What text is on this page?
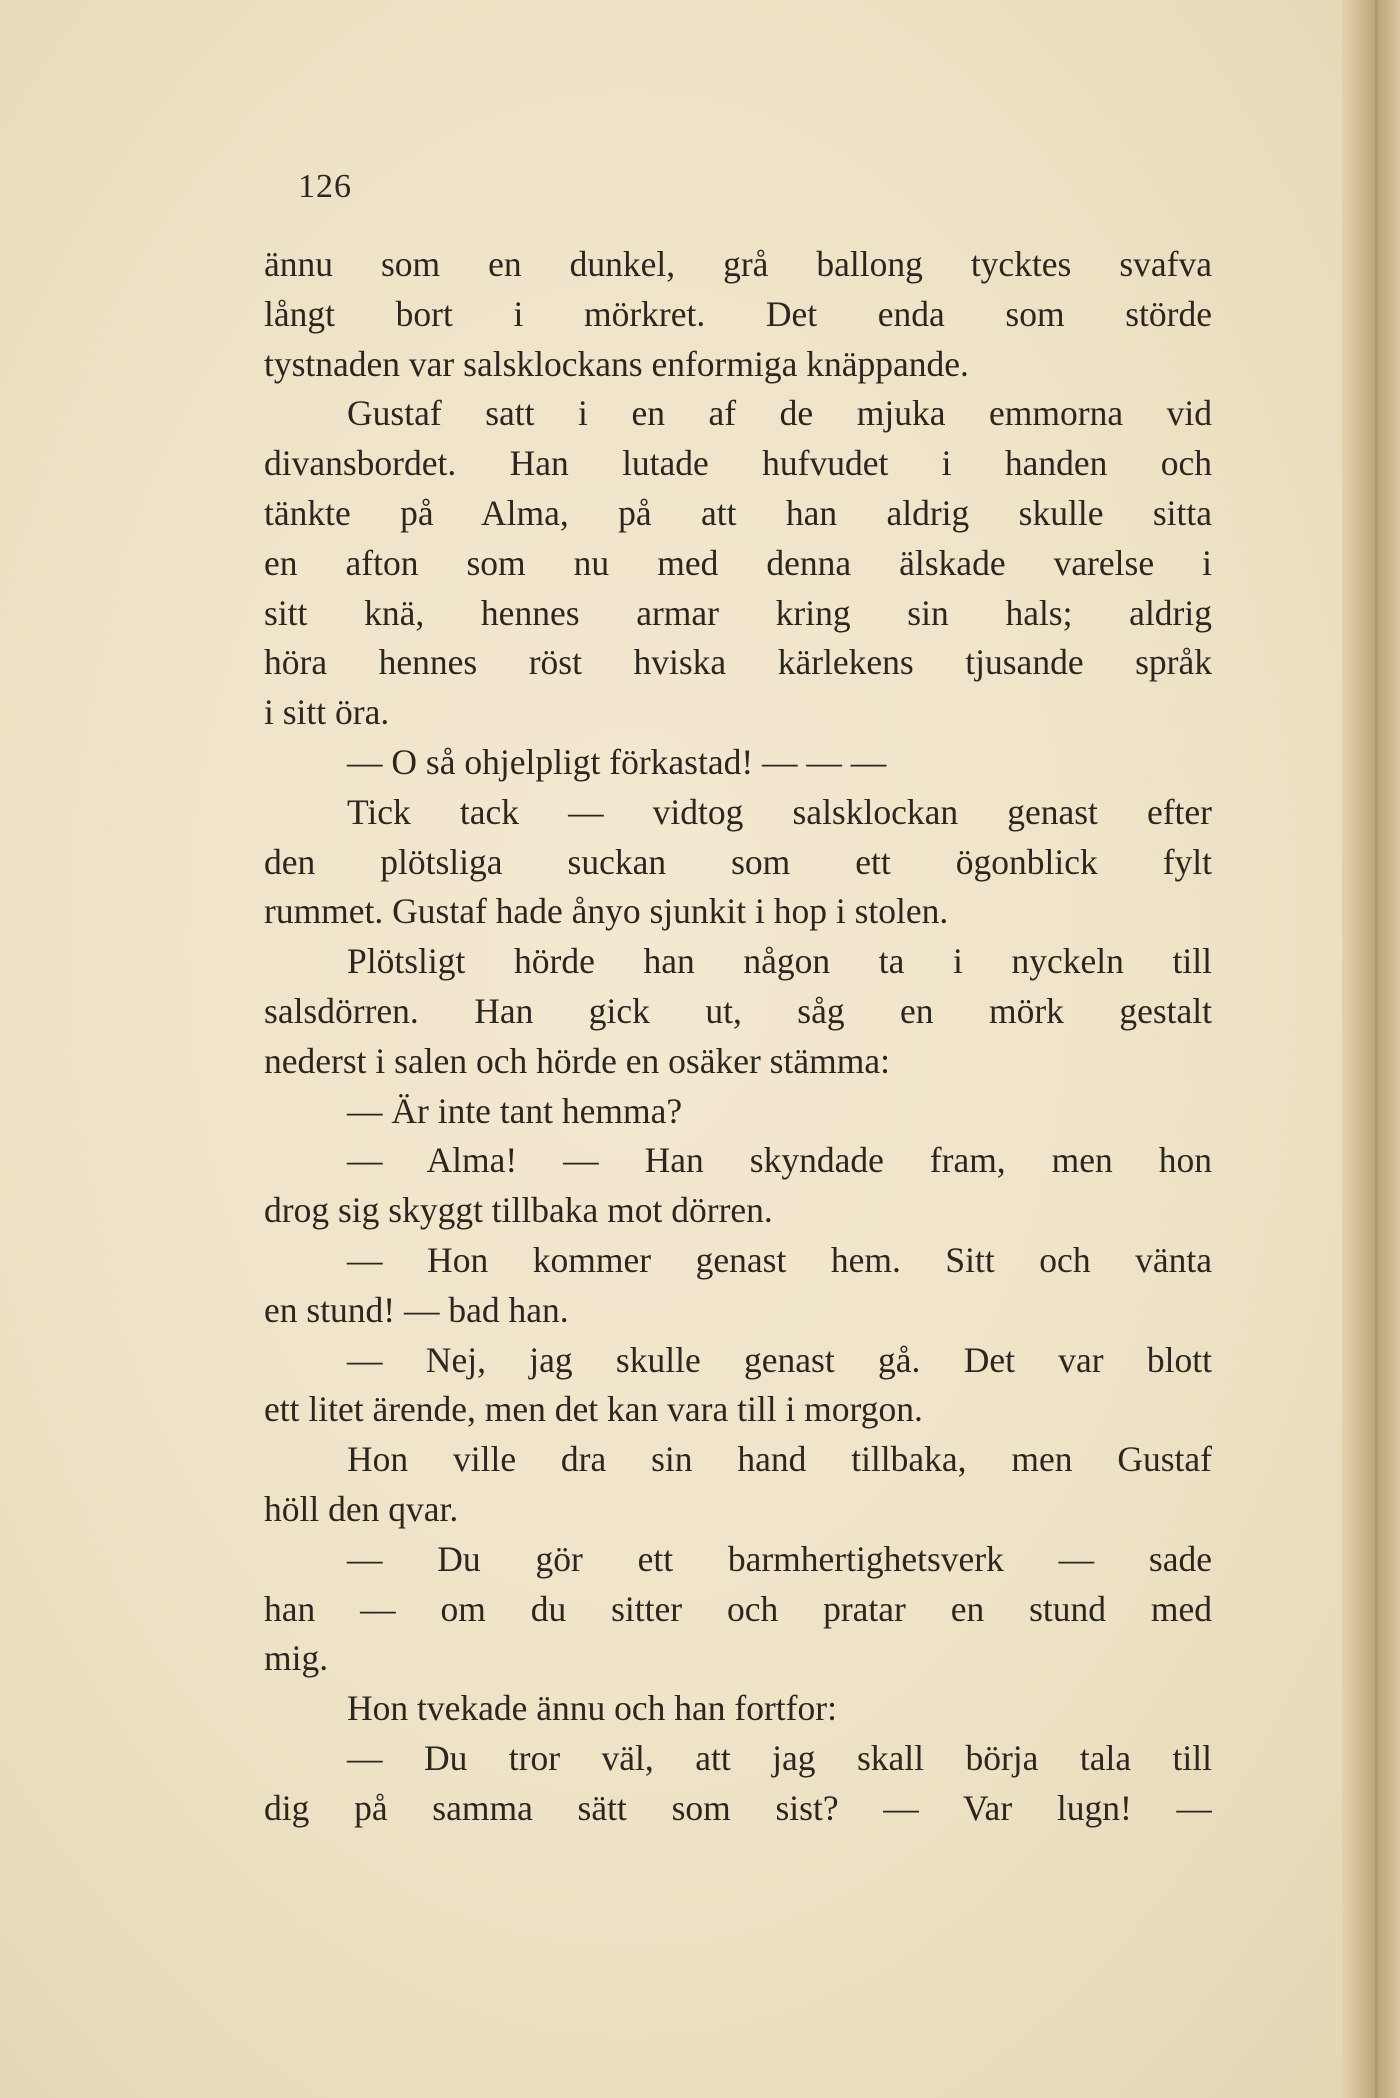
126
ännu som en dunkel, grå ballong tycktes svafva
långt bort i mörkret. Det enda som störde
tystnaden var salsklockans enformiga knäppande.
Gustaf satt i en af de mjuka emmorna vid
divansbordet. Han lutade hufvudet i handen och
tänkte på Alma, på att han aldrig skulle sitta
en afton som nu med denna älskade varelse i
sitt knä, hennes armar kring sin hals; aldrig
höra hennes röst hviska kärlekens tjusande språk
i sitt öra.
— O så ohjelpligt förkastad! — — —
Tick tack — vidtog salsklockan genast efter
den plötsliga suckan som ett ögonblick fylt
rummet. Gustaf hade ånyo sjunkit i hop i stolen.
Plötsligt hörde han någon ta i nyckeln till
salsdörren. Han gick ut, såg en mörk gestalt
nederst i salen och hörde en osäker stämma:
— Är inte tant hemma?
— Alma! — Han skyndade fram, men hon
drog sig skyggt tillbaka mot dörren.
— Hon kommer genast hem. Sitt och vänta
en stund! — bad han.
— Nej, jag skulle genast gå. Det var blott
ett litet ärende, men det kan vara till i morgon.
Hon ville dra sin hand tillbaka, men Gustaf
höll den qvar.
— Du gör ett barmhertighetsverk — sade
han — om du sitter och pratar en stund med
mig.
Hon tvekade ännu och han fortfor:
— Du tror väl, att jag skall börja tala till
dig på samma sätt som sist? — Var lugn! —
